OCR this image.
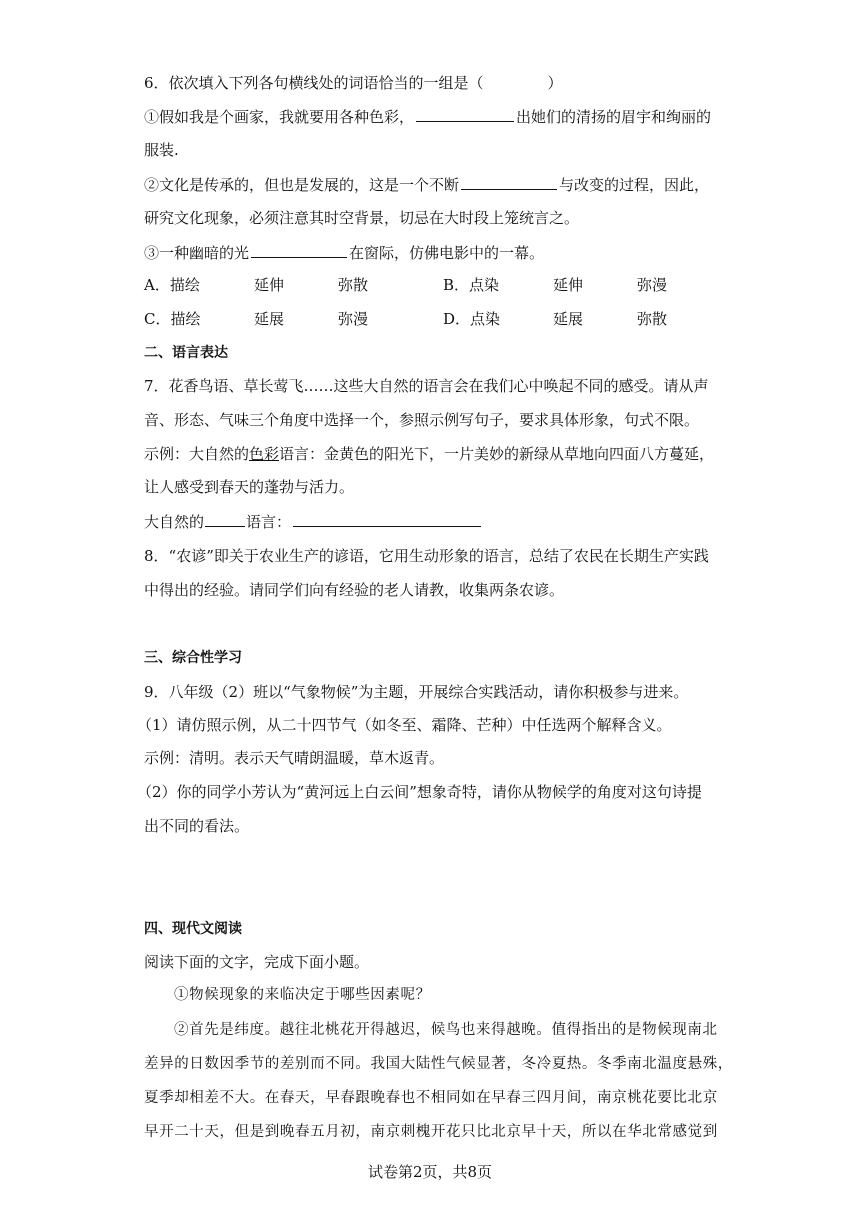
6．依次填入下列各句横线处的词语恰当的一组是（	）
①假如我是个画家，我就要用各种色彩，	出她们的清扬的眉宇和绚丽的
服装.
②文化是传承的，但也是发展的，这是一个不断	与改变的过程，因此，
研究文化现象，必须注意其时空背景，切忌在大时段上笼统言之。
③一种幽暗的光	在窗际，仿佛电影中的一幕。
A．描绘	延伸	弥散	B．点染	延伸	弥漫
C．描绘	延展	弥漫	D．点染	延展	弥散
二、语言表达
7．花香鸟语、草长莺飞……这些大自然的语言会在我们心中唤起不同的感受。请从声
音、形态、气味三个角度中选择一个，参照示例写句子，要求具体形象，句式不限。
示例：大自然的色彩语言：金黄色的阳光下，一片美妙的新绿从草地向四面八方蔓延，
让人感受到春天的蓬勃与活力。
大自然的	语言：
8．“农谚”即关于农业生产的谚语，它用生动形象的语言，总结了农民在长期生产实践
中得出的经验。请同学们向有经验的老人请教，收集两条农谚。
三、综合性学习
9．八年级（2）班以“气象物候”为主题，开展综合实践活动，请你积极参与进来。
（1）请仿照示例，从二十四节气（如冬至、霜降、芒种）中任选两个解释含义。
示例：清明。表示天气晴朗温暖，草木返青。
（2）你的同学小芳认为“黄河远上白云间”想象奇特，请你从物候学的角度对这句诗提
出不同的看法。
四、现代文阅读
阅读下面的文字，完成下面小题。
①物候现象的来临决定于哪些因素呢？
②首先是纬度。越往北桃花开得越迟，候鸟也来得越晚。值得指出的是物候现南北
差异的日数因季节的差别而不同。我国大陆性气候显著，冬冷夏热。冬季南北温度悬殊，
夏季却相差不大。在春天，早春跟晚春也不相同如在早春三四月间，南京桃花要比北京
早开二十天，但是到晚春五月初，南京刺槐开花只比北京早十天，所以在华北常感觉到
试卷第2页，共8页
